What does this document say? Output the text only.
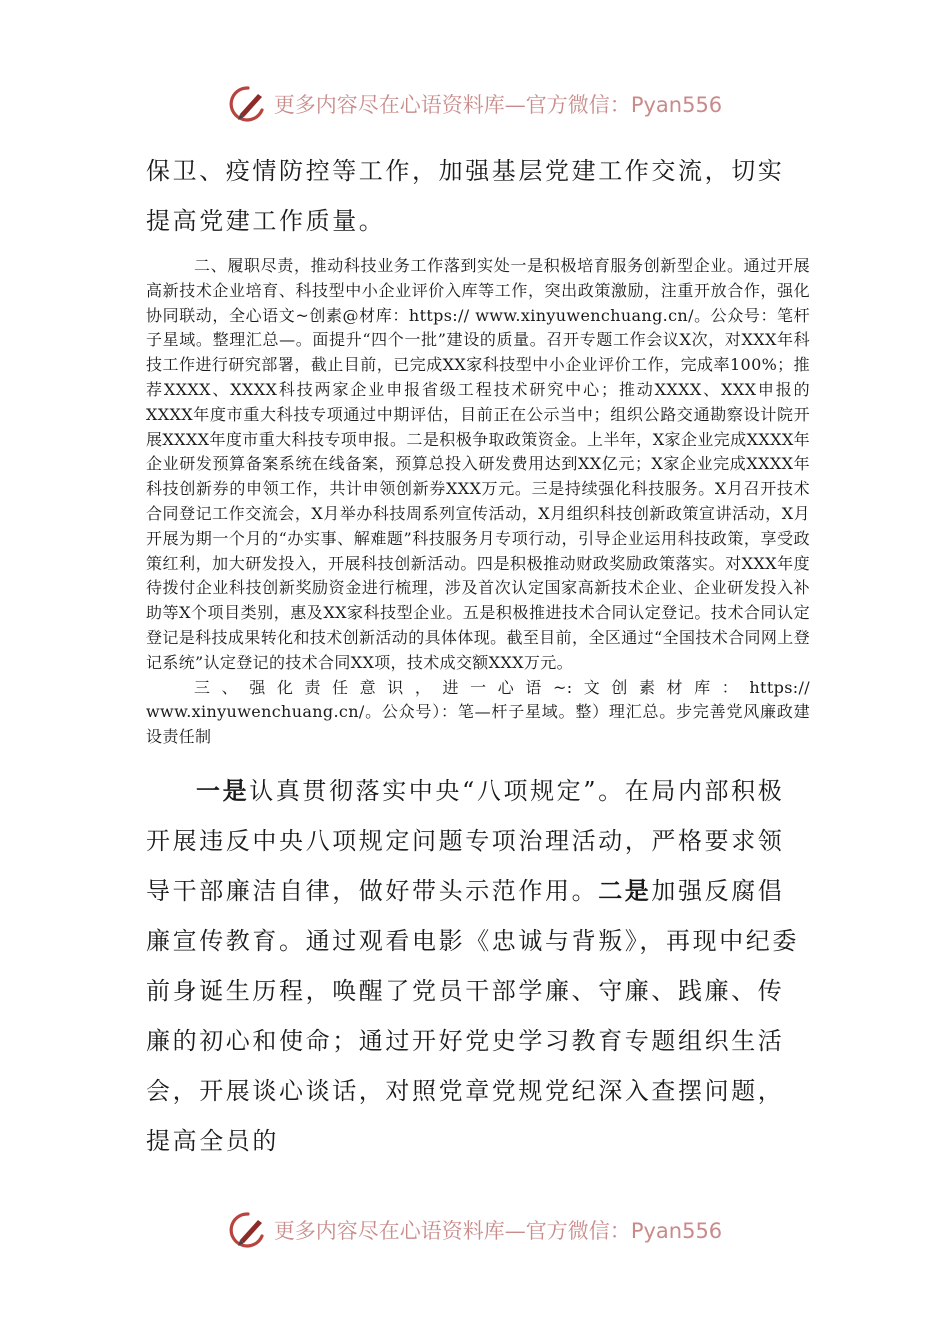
更多内容尽在心语资料库—官方微信：Pyan556

保卫、疫情防控等工作，加强基层党建工作交流，切实提高党建工作质量。

二、履职尽责，推动科技业务工作落到实处一是积极培育服务创新型企业。通过开展高新技术企业培育、科技型中小企业评价入库等工作，突出政策激励，注重开放合作，强化协同联动，全心语文~创素@材库：https:// www.xinyuwenchuang.cn/。公众号：笔杆子星域。整理汇总—。面提升“四个一批”建设的质量。召开专题工作会议X次，对XXX年科技工作进行研究部署，截止目前，已完成XX家科技型中小企业评价工作，完成率100%；推荐XXXX、XXXX科技两家企业申报省级工程技术研究中心；推动XXXX、XXX申报的XXXX年度市重大科技专项通过中期评估，目前正在公示当中；组织公路交通勘察设计院开展XXXX年度市重大科技专项申报。二是积极争取政策资金。上半年，X家企业完成XXXX年企业研发预算备案系统在线备案，预算总投入研发费用达到XX亿元；X家企业完成XXXX年科技创新券的申领工作，共计申领创新券XXX万元。三是持续强化科技服务。X月召开技术合同登记工作交流会，X月举办科技周系列宣传活动，X月组织科技创新政策宣讲活动，X月开展为期一个月的“办实事、解难题”科技服务月专项行动，引导企业运用科技政策，享受政策红利，加大研发投入，开展科技创新活动。四是积极推动财政奖励政策落实。对XXX年度待拨付企业科技创新奖励资金进行梳理，涉及首次认定国家高新技术企业、企业研发投入补助等X个项目类别，惠及XX家科技型企业。五是积极推进技术合同认定登记。技术合同认定登记是科技成果转化和技术创新活动的具体体现。截至目前，全区通过“全国技术合同网上登记系统”认定登记的技术合同XX项，技术成交额XXX万元。

三、强化责任意识，进一心语~:文创素材库：https:// www.xinyuwenchuang.cn/。公众号）：笔—杆子星域。整）理汇总。步完善党风廉政建设责任制

一是认真贯彻落实中央“八项规定”。在局内部积极开展违反中央八项规定问题专项治理活动，严格要求领导干部廉洁自律，做好带头示范作用。二是加强反腐倡廉宣传教育。通过观看电影《忠诚与背叛》，再现中纪委前身诞生历程，唤醒了党员干部学廉、守廉、践廉、传廉的初心和使命；通过开好党史学习教育专题组织生活会，开展谈心谈话，对照党章党规党纪深入查摆问题，提高全员的

更多内容尽在心语资料库—官方微信：Pyan556
